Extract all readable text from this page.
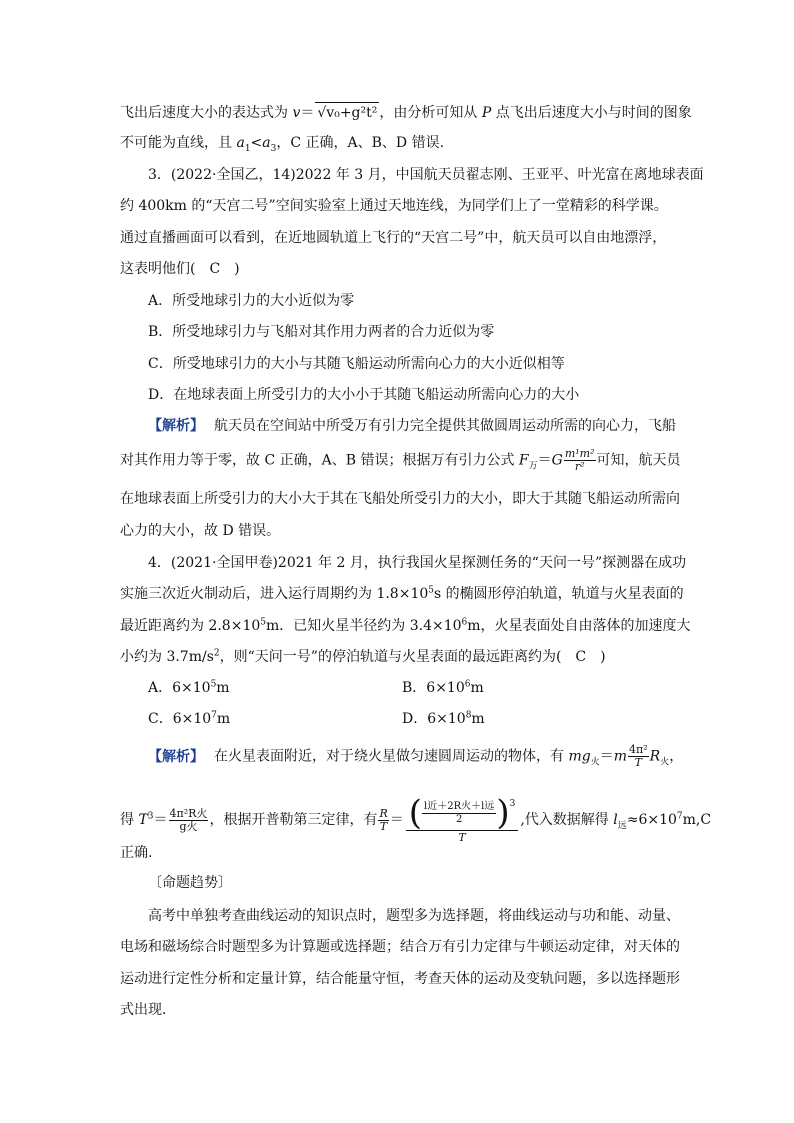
飞出后速度大小的表达式为 v＝ √v₀+g²t² ，由分析可知从 P 点飞出后速度大小与时间的图象
不可能为直线，且 $a_1<a_3$，C 正确，A、B、D 错误.
3．(2022·全国乙，14)2022 年 3 月，中国航天员翟志刚、王亚平、叶光富在离地球表面
约 400km 的“天宫二号”空间实验室上通过天地连线，为同学们上了一堂精彩的科学课。
通过直播画面可以看到，在近地圆轨道上飞行的“天宫二号”中，航天员可以自由地漂浮，
这表明他们(　C　)
A．所受地球引力的大小近似为零
B．所受地球引力与飞船对其作用力两者的合力近似为零
C．所受地球引力的大小与其随飞船运动所需向心力的大小近似相等
D．在地球表面上所受引力的大小小于其随飞船运动所需向心力的大小
【解析】 航天员在空间站中所受万有引力完全提供其做圆周运动所需的向心力，飞船
对其作用力等于零，故 C 正确，A、B 错误；根据万有引力公式 $F_万=G \frac{\text{m¹m²}}{\text{r²}}$ 可知，航天员
在地球表面上所受引力的大小大于其在飞船处所受引力的大小，即大于其随飞船运动所需向
心力的大小，故 D 错误。
4．(2021·全国甲卷)2021 年 2 月，执行我国火星探测任务的“天问一号”探测器在成功
实施三次近火制动后，进入运行周期约为 $1.8\times 10^5s$ 的椭圆形停泊轨道，轨道与火星表面的
最近距离约为 $2.8\times 10^5m$．已知火星半径约为 $3.4\times 10^6m$，火星表面处自由落体的加速度大
小约为 $3.7m/s^2$，则“天问一号”的停泊轨道与火星表面的最远距离约为(　C　)
A．$6\times 10^5m$	B．$6\times 10^6m$
C．$6\times 10^7m$	D．$6\times 10^8m$
【解析】 在火星表面附近，对于绕火星做匀速圆周运动的物体，有 $mg_火=m \frac{\text{4π²}}{T} R_火$，
得 $T^3= \frac{\text{4π²R火}}{\text{g火}}$ ，根据开普勒第三定律，有 $\frac{R}{T}$ ＝ ( l近＋2R火＋l远
2 ) 3
T ,代入数据解得 $l_远\approx 6\times 10^7m,C$
正确.
〔命题趋势〕
高考中单独考查曲线运动的知识点时，题型多为选择题，将曲线运动与功和能、动量、
电场和磁场综合时题型多为计算题或选择题；结合万有引力定律与牛顿运动定律，对天体的
运动进行定性分析和定量计算，结合能量守恒，考查天体的运动及变轨问题，多以选择题形
式出现．
